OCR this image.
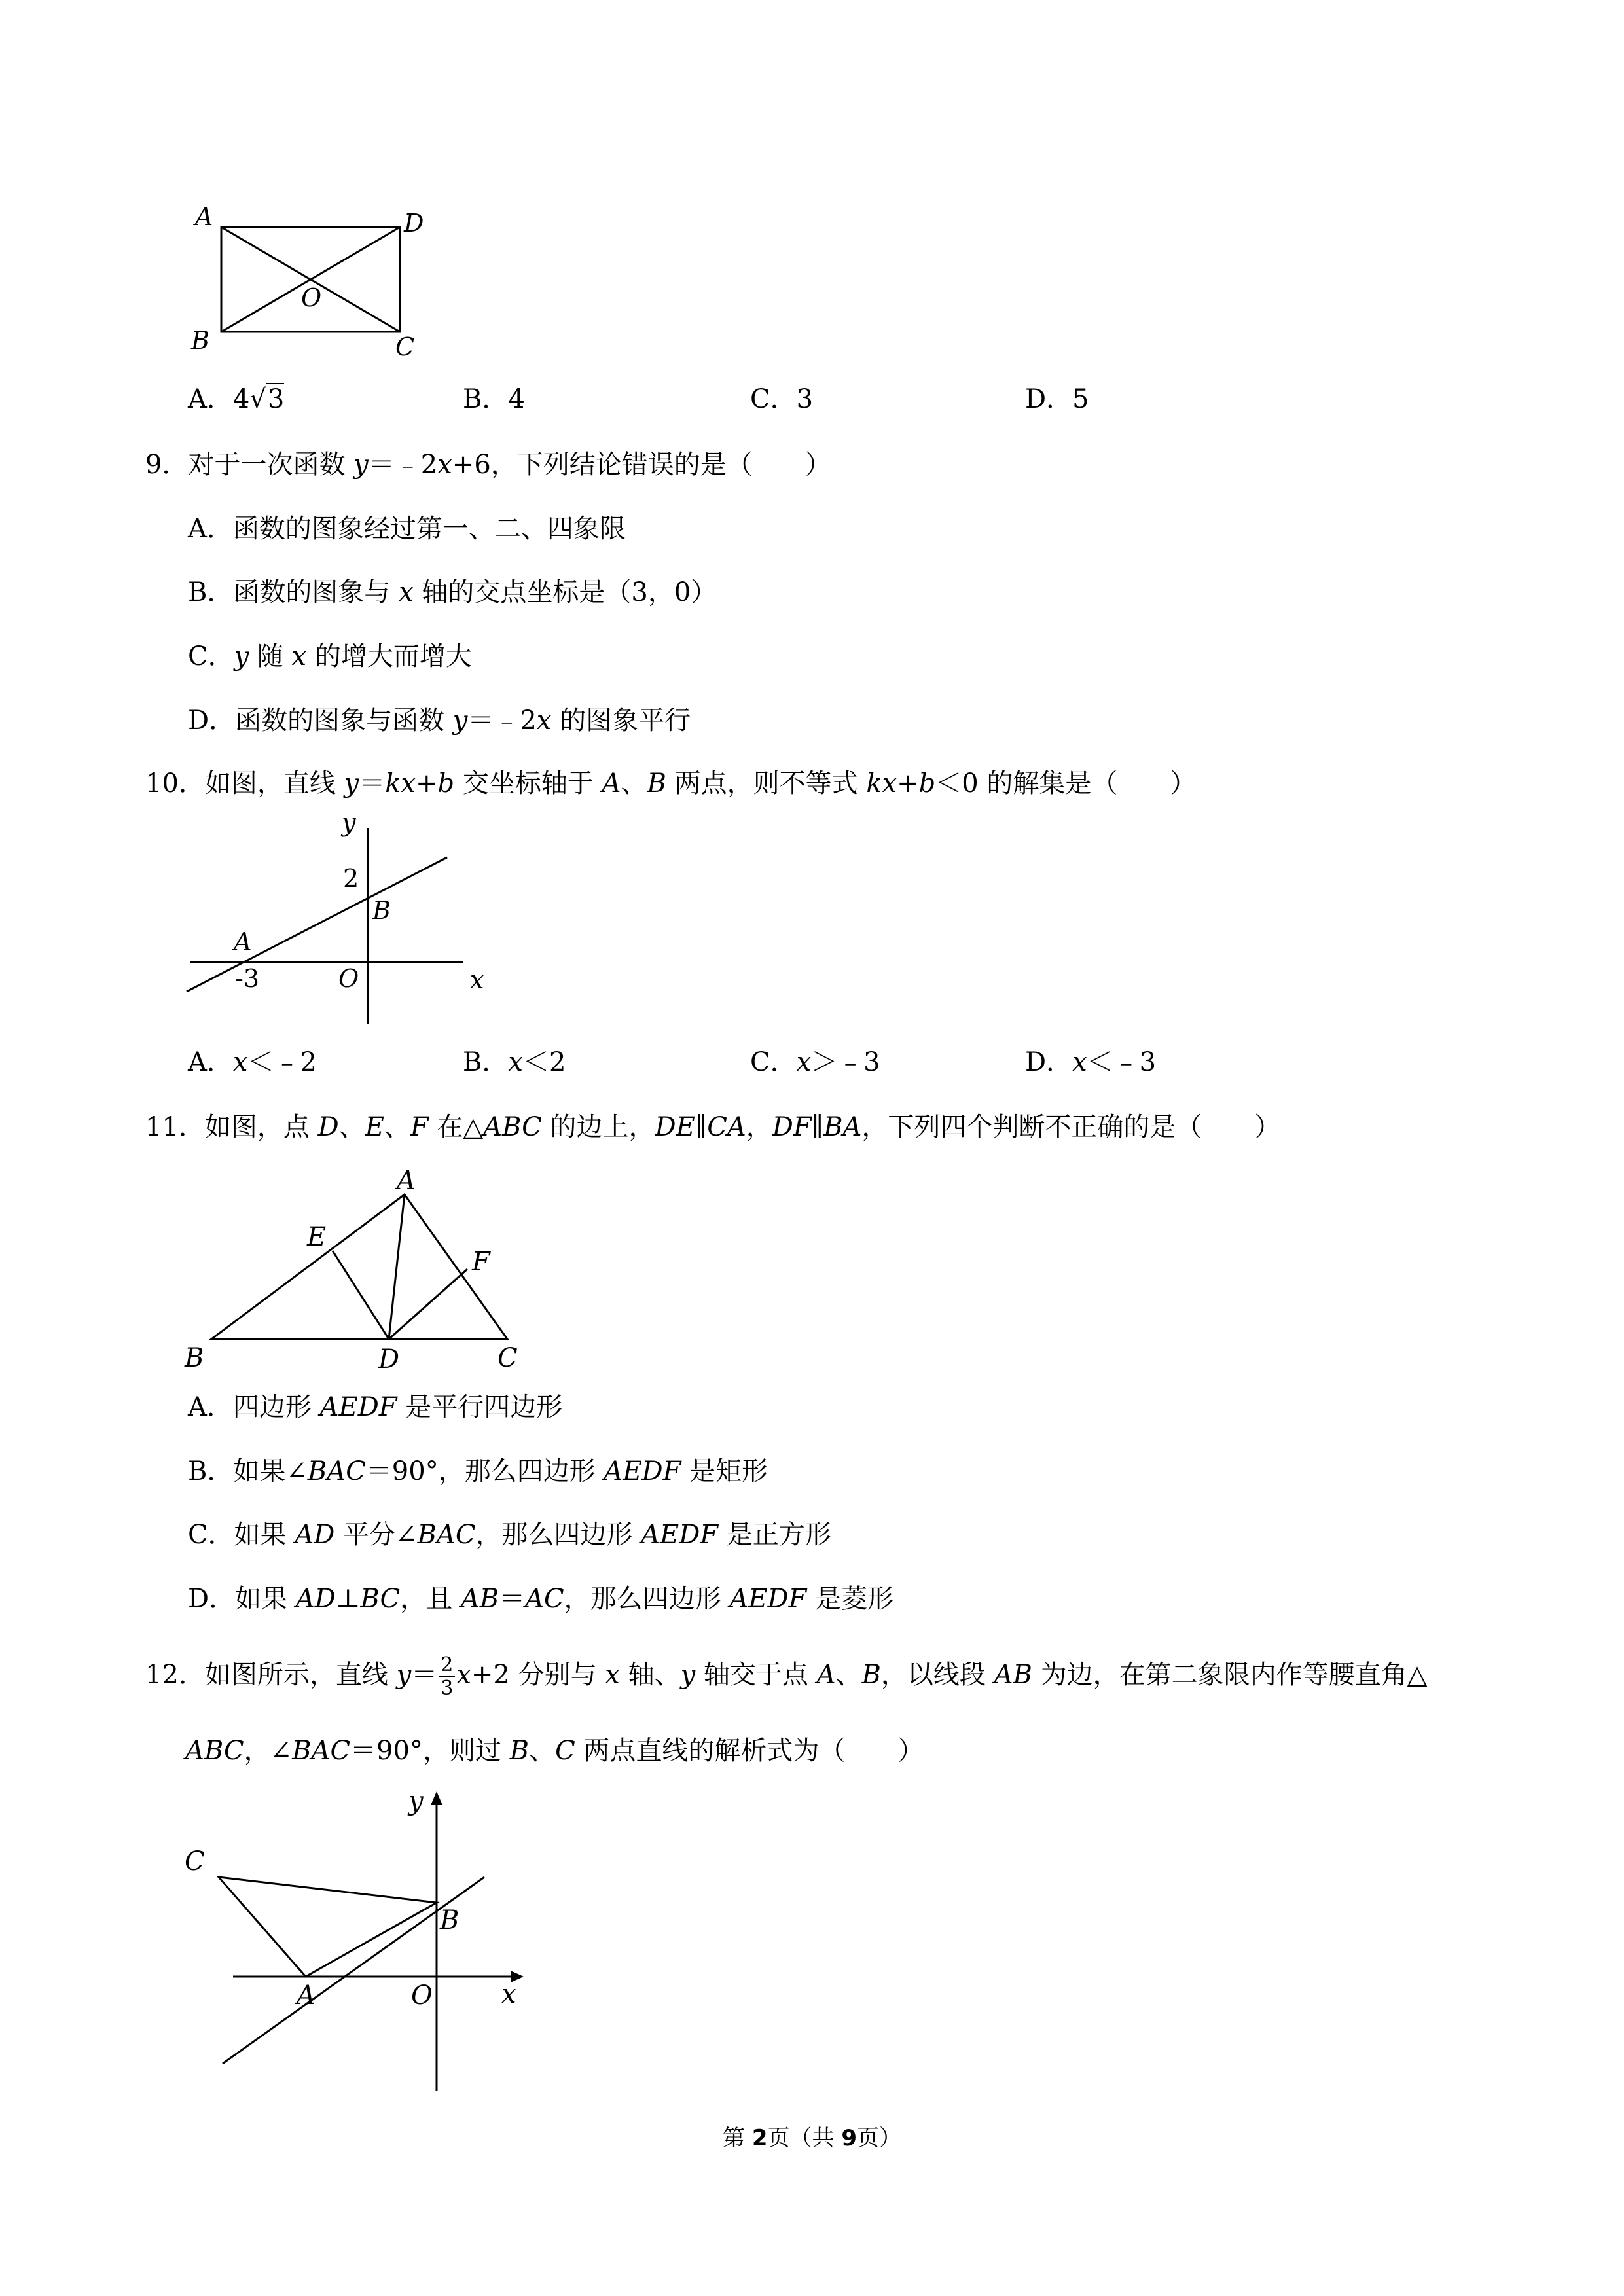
A	D
O
B	C
A．4√3	B．4	C．3	D．5
9．对于一次函数 y＝﹣2x+6，下列结论错误的是（　　）
A．函数的图象经过第一、二、四象限
B．函数的图象与 x 轴的交点坐标是（3，0）
C．y 随 x 的增大而增大
D．函数的图象与函数 y＝﹣2x 的图象平行
10．如图，直线 y＝kx+b 交坐标轴于 A、B 两点，则不等式 kx+b＜0 的解集是（　　）
y
2
B
A
-3	O	x
A．x＜﹣2	B．x＜2	C．x＞﹣3	D．x＜﹣3
11．如图，点 D、E、F 在△ABC 的边上，DE∥CA，DF∥BA，下列四个判断不正确的是（　　）
A
E
F
B	D	C
A．四边形 AEDF 是平行四边形
B．如果∠BAC＝90°，那么四边形 AEDF 是矩形
C．如果 AD 平分∠BAC，那么四边形 AEDF 是正方形
D．如果 AD⊥BC，且 AB＝AC，那么四边形 AEDF 是菱形
12．如图所示，直线 $y= \frac{2}{3} x+2$ 分别与 x 轴、y 轴交于点 A、B，以线段 AB 为边，在第二象限内作等腰直角△
ABC，∠BAC＝90°，则过 B、C 两点直线的解析式为（　　）
y
C
B
A	O	x
第 2页（共 9页）
